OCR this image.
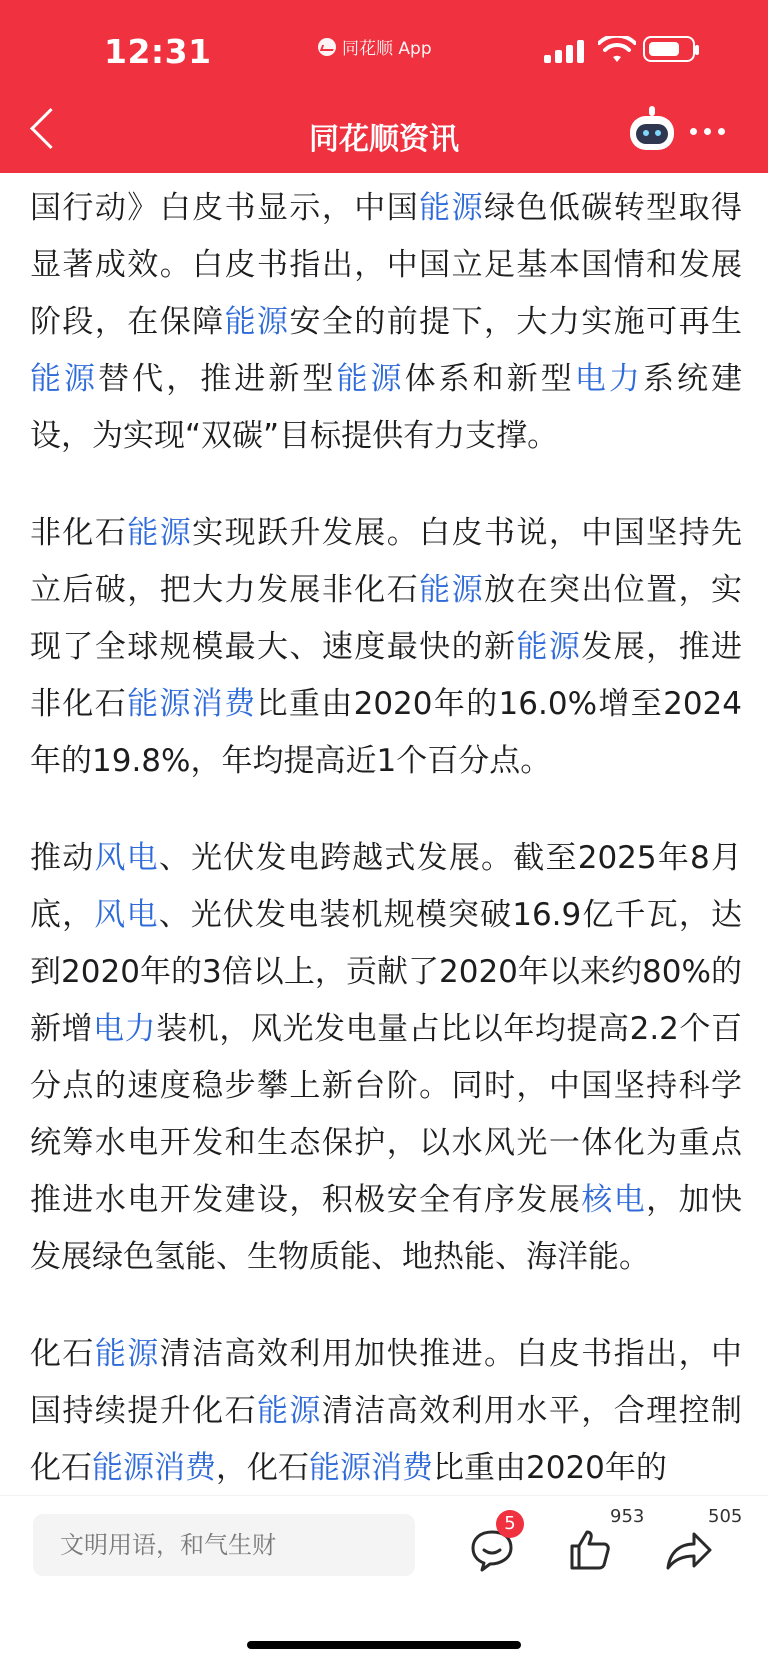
12:31	同花顺 App
同花顺资讯

国行动》白皮书显示，中国能源绿色低碳转型取得显著成效。白皮书指出，中国立足基本国情和发展阶段，在保障能源安全的前提下，大力实施可再生能源替代，推进新型能源体系和新型电力系统建设，为实现“双碳”目标提供有力支撑。

非化石能源实现跃升发展。白皮书说，中国坚持先立后破，把大力发展非化石能源放在突出位置，实现了全球规模最大、速度最快的新能源发展，推进非化石能源消费比重由2020年的16.0%增至2024年的19.8%，年均提高近1个百分点。

推动风电、光伏发电跨越式发展。截至2025年8月底，风电、光伏发电装机规模突破16.9亿千瓦，达到2020年的3倍以上，贡献了2020年以来约80%的新增电力装机，风光发电量占比以年均提高2.2个百分点的速度稳步攀上新台阶。同时，中国坚持科学统筹水电开发和生态保护，以水风光一体化为重点推进水电开发建设，积极安全有序发展核电，加快发展绿色氢能、生物质能、地热能、海洋能。

化石能源清洁高效利用加快推进。白皮书指出，中国持续提升化石能源清洁高效利用水平，合理控制化石能源消费，化石能源消费比重由2020年的

文明用语，和气生财
5	953	505
